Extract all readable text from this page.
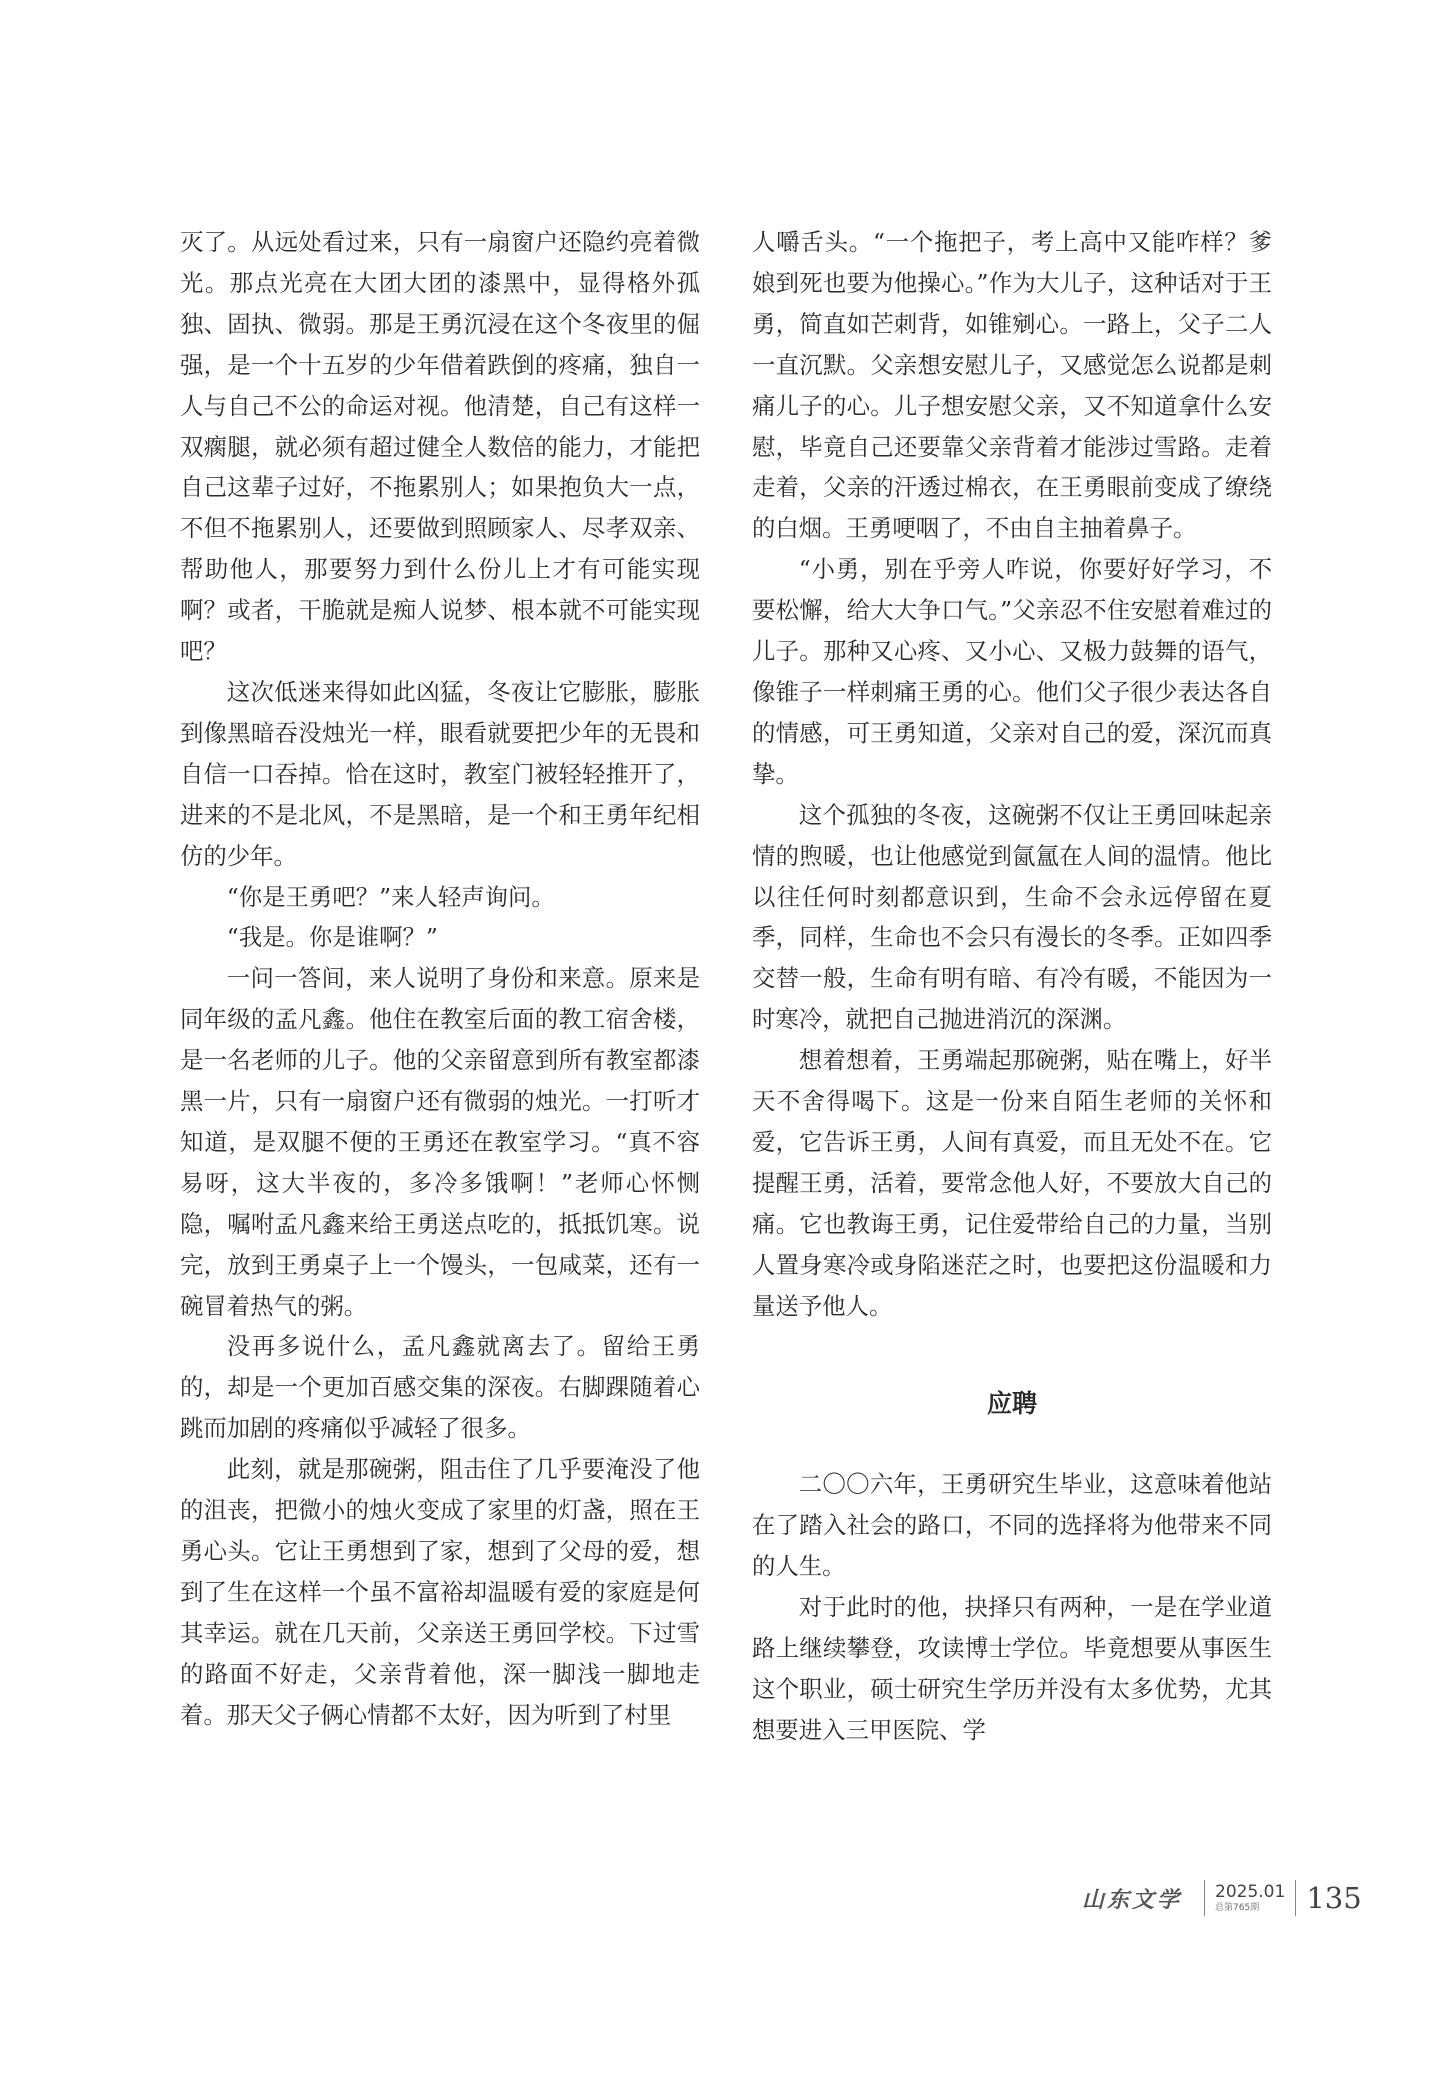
灭了。从远处看过来，只有一扇窗户还隐约亮着微光。那点光亮在大团大团的漆黑中，显得格外孤独、固执、微弱。那是王勇沉浸在这个冬夜里的倔强，是一个十五岁的少年借着跌倒的疼痛，独自一人与自己不公的命运对视。他清楚，自己有这样一双瘸腿，就必须有超过健全人数倍的能力，才能把自己这辈子过好，不拖累别人；如果抱负大一点，不但不拖累别人，还要做到照顾家人、尽孝双亲、帮助他人，那要努力到什么份儿上才有可能实现啊？或者，干脆就是痴人说梦、根本就不可能实现吧？

这次低迷来得如此凶猛，冬夜让它膨胀，膨胀到像黑暗吞没烛光一样，眼看就要把少年的无畏和自信一口吞掉。恰在这时，教室门被轻轻推开了，进来的不是北风，不是黑暗，是一个和王勇年纪相仿的少年。

“你是王勇吧？”来人轻声询问。

“我是。你是谁啊？”

一问一答间，来人说明了身份和来意。原来是同年级的孟凡鑫。他住在教室后面的教工宿舍楼，是一名老师的儿子。他的父亲留意到所有教室都漆黑一片，只有一扇窗户还有微弱的烛光。一打听才知道，是双腿不便的王勇还在教室学习。“真不容易呀，这大半夜的，多冷多饿啊！”老师心怀恻隐，嘱咐孟凡鑫来给王勇送点吃的，抵抵饥寒。说完，放到王勇桌子上一个馒头，一包咸菜，还有一碗冒着热气的粥。

没再多说什么，孟凡鑫就离去了。留给王勇的，却是一个更加百感交集的深夜。右脚踝随着心跳而加剧的疼痛似乎减轻了很多。

此刻，就是那碗粥，阻击住了几乎要淹没了他的沮丧，把微小的烛火变成了家里的灯盏，照在王勇心头。它让王勇想到了家，想到了父母的爱，想到了生在这样一个虽不富裕却温暖有爱的家庭是何其幸运。就在几天前，父亲送王勇回学校。下过雪的路面不好走，父亲背着他，深一脚浅一脚地走着。那天父子俩心情都不太好，因为听到了村里

人嚼舌头。“一个拖把子，考上高中又能咋样？爹娘到死也要为他操心。”作为大儿子，这种话对于王勇，简直如芒刺背，如锥剜心。一路上，父子二人一直沉默。父亲想安慰儿子，又感觉怎么说都是刺痛儿子的心。儿子想安慰父亲，又不知道拿什么安慰，毕竟自己还要靠父亲背着才能涉过雪路。走着走着，父亲的汗透过棉衣，在王勇眼前变成了缭绕的白烟。王勇哽咽了，不由自主抽着鼻子。

“小勇，别在乎旁人咋说，你要好好学习，不要松懈，给大大争口气。”父亲忍不住安慰着难过的儿子。那种又心疼、又小心、又极力鼓舞的语气，像锥子一样刺痛王勇的心。他们父子很少表达各自的情感，可王勇知道，父亲对自己的爱，深沉而真挚。

这个孤独的冬夜，这碗粥不仅让王勇回味起亲情的煦暖，也让他感觉到氤氲在人间的温情。他比以往任何时刻都意识到，生命不会永远停留在夏季，同样，生命也不会只有漫长的冬季。正如四季交替一般，生命有明有暗、有冷有暖，不能因为一时寒冷，就把自己抛进消沉的深渊。

想着想着，王勇端起那碗粥，贴在嘴上，好半天不舍得喝下。这是一份来自陌生老师的关怀和爱，它告诉王勇，人间有真爱，而且无处不在。它提醒王勇，活着，要常念他人好，不要放大自己的痛。它也教诲王勇，记住爱带给自己的力量，当别人置身寒冷或身陷迷茫之时，也要把这份温暖和力量送予他人。

应聘

二〇〇六年，王勇研究生毕业，这意味着他站在了踏入社会的路口，不同的选择将为他带来不同的人生。

对于此时的他，抉择只有两种，一是在学业道路上继续攀登，攻读博士学位。毕竟想要从事医生这个职业，硕士研究生学历并没有太多优势，尤其想要进入三甲医院、学

山东文学 2025.01
总第765期	135
